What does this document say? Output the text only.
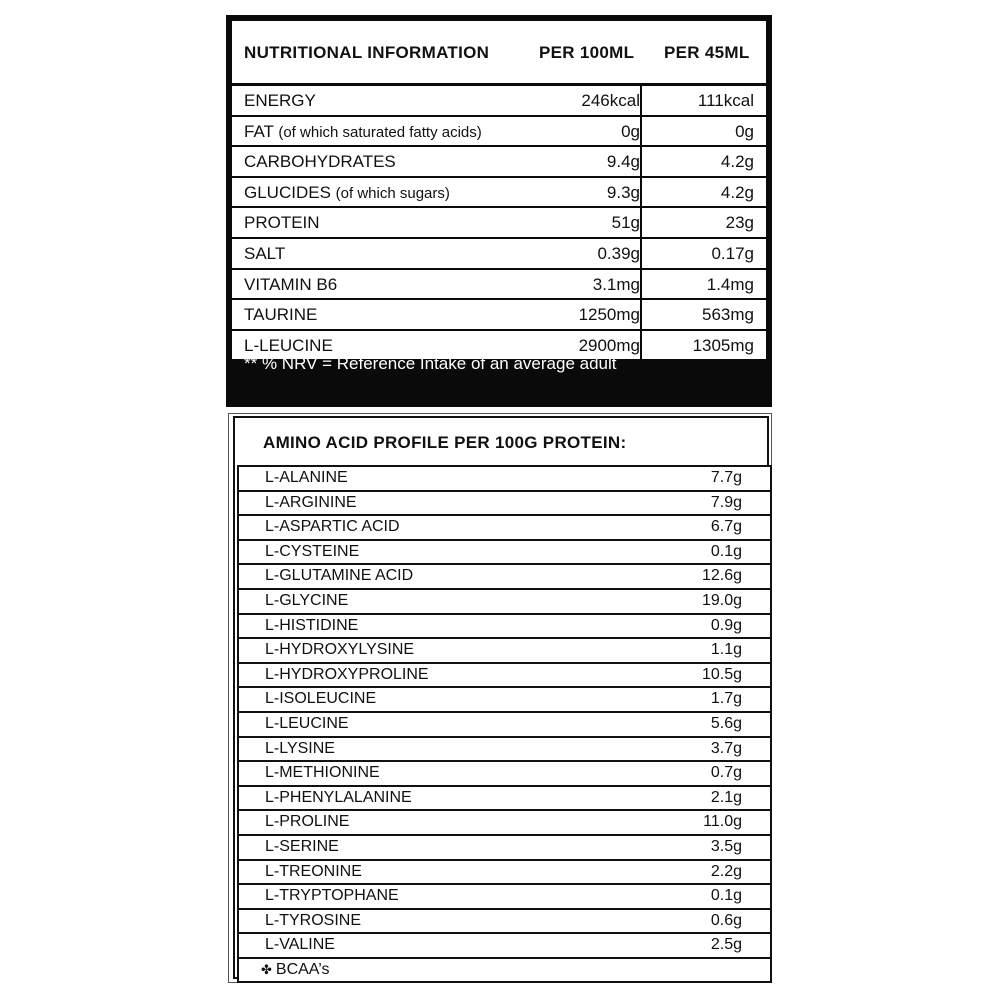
NUTRITIONAL INFORMATION	PER 100ML PER 45ML
ENERGY	246kcal	111kcal
FAT (of which saturated fatty acids)	0g	0g
CARBOHYDRATES	9.4g	4.2g
GLUCIDES (of which sugars)	9.3g	4.2g
PROTEIN	51g	23g
SALT	0.39g	0.17g
VITAMIN B6	3.1mg	1.4mg
TAURINE	1250mg	563mg
L-LEUCINE	2900mg	1305mg
** % NRV = Reference Intake of an average adult
AMINO ACID PROFILE PER 100G PROTEIN:
L-ALANINE	7.7g
L-ARGININE	7.9g
L-ASPARTIC ACID	6.7g
L-CYSTEINE	0.1g
L-GLUTAMINE ACID	12.6g
L-GLYCINE	19.0g
L-HISTIDINE	0.9g
L-HYDROXYLYSINE	1.1g
L-HYDROXYPROLINE	10.5g
L-ISOLEUCINE	1.7g
L-LEUCINE	5.6g
L-LYSINE	3.7g
L-METHIONINE	0.7g
L-PHENYLALANINE	2.1g
L-PROLINE	11.0g
L-SERINE	3.5g
L-TREONINE	2.2g
L-TRYPTOPHANE	0.1g
L-TYROSINE	0.6g
L-VALINE	2.5g
✤ BCAA’s
